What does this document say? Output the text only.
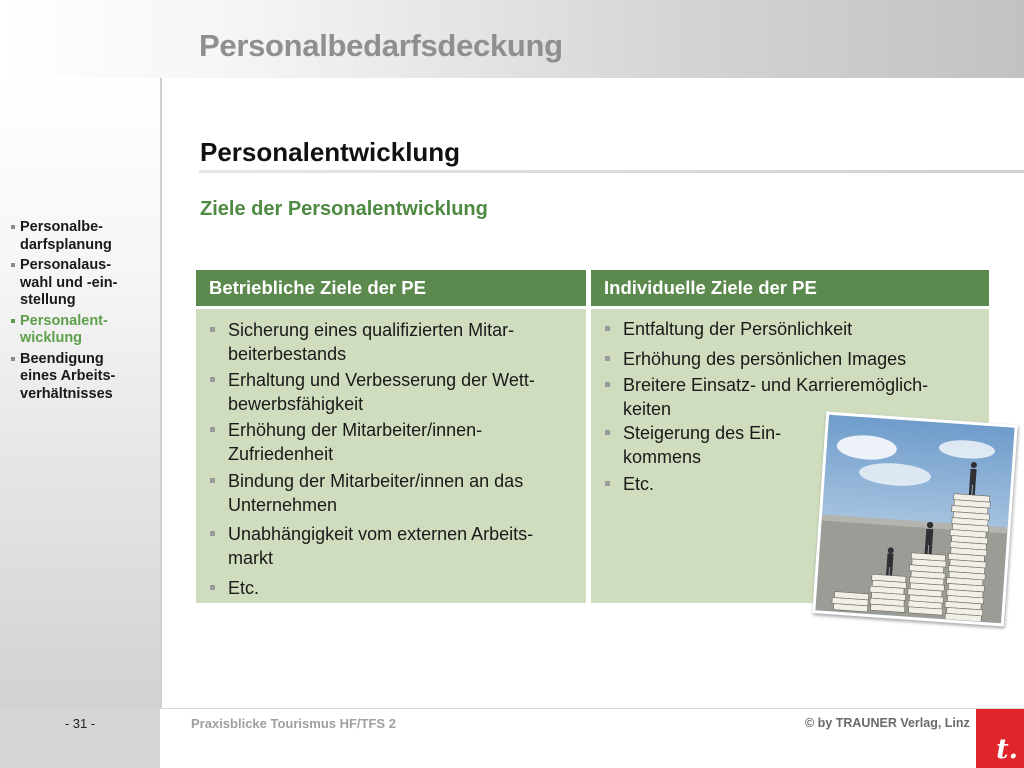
Personalbedarfsdeckung
Personalbe-
darfsplanung
Personalaus-
wahl und -ein-
stellung
Personalent-
wicklung
Beendigung
eines Arbeits-
verhältnisses
Personalentwicklung
Ziele der Personalentwicklung
Betriebliche Ziele der PE
Sicherung eines qualifizierten Mitar-
beiterbestands
Erhaltung und Verbesserung der Wett-
bewerbsfähigkeit
Erhöhung der Mitarbeiter/innen-
Zufriedenheit
Bindung der Mitarbeiter/innen an das
Unternehmen
Unabhängigkeit vom externen Arbeits-
markt
Etc.
Individuelle Ziele der PE
Entfaltung der Persönlichkeit
Erhöhung des persönlichen Images
Breitere Einsatz- und Karrieremöglich-
keiten
Steigerung des Ein-
kommens
Etc.
- 31 -	Praxisblicke Tourismus HF/TFS 2	© by TRAUNER Verlag, Linz
t.
